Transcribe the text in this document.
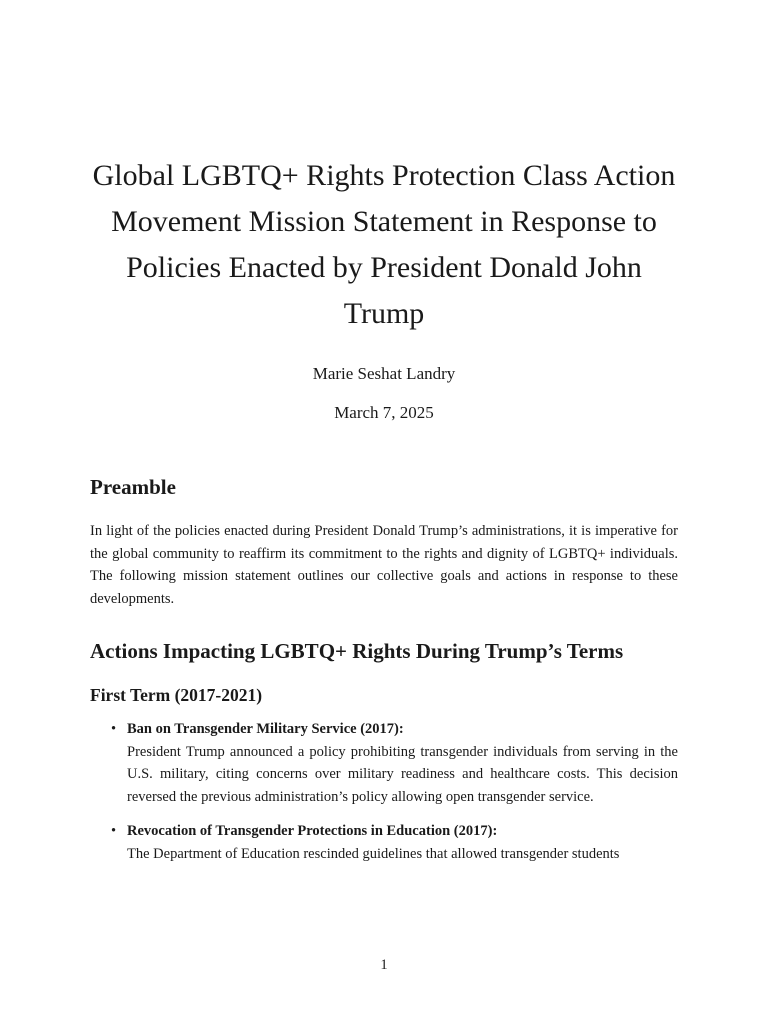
Global LGBTQ+ Rights Protection Class Action Movement Mission Statement in Response to Policies Enacted by President Donald John Trump
Marie Seshat Landry
March 7, 2025
Preamble

In light of the policies enacted during President Donald Trump’s administrations, it is imperative for the global community to reaffirm its commitment to the rights and dignity of LGBTQ+ individuals. The following mission statement outlines our collective goals and actions in response to these developments.

Actions Impacting LGBTQ+ Rights During Trump’s Terms
First Term (2017-2021)
• Ban on Transgender Military Service (2017):
President Trump announced a policy prohibiting transgender individuals from serving in the U.S. military, citing concerns over military readiness and healthcare costs. This decision reversed the previous administration’s policy allowing open transgender service.
• Revocation of Transgender Protections in Education (2017):
The Department of Education rescinded guidelines that allowed transgender students
1
